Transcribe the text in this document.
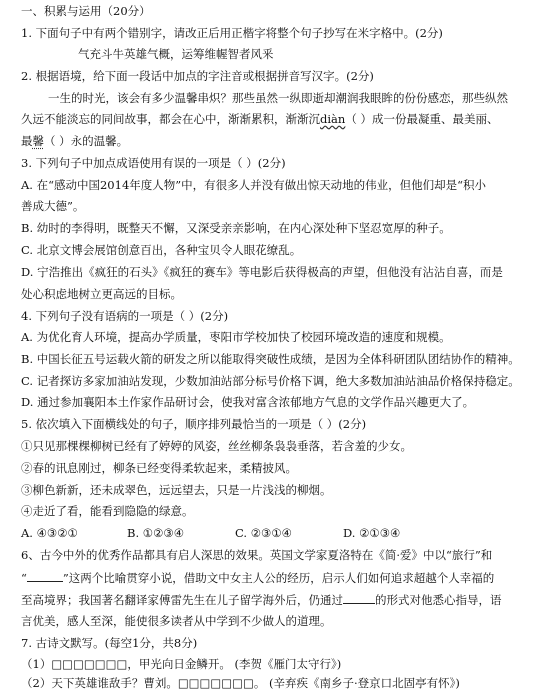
一、积累与运用（20分）
1. 下面句子中有两个错别字，请改正后用正楷字将整个句子抄写在米字格中。(2分)
气充斗牛英雄气概，运筹维幄智者风釆
2. 根据语境，给下面一段话中加点的字注音或根据拼音写汉字。(2分)
一生的时光，该会有多少温馨串炽？那些虽然一纵即逝却潮润我眼眸的份份感恋，那些纵然
久远不能淡忘的同间故事，都会在心中，渐渐累积，渐渐沉diàn（ ）成一份最凝重、最美丽、
最馨（ ）永的温馨。
3. 下列句子中加点成语使用有误的一项是（ ）(2分)
A. 在“感动中国2014年度人物”中，有很多人并没有做出惊天动地的伟业，但他们却是“积小
善成大德”。
B. 幼时的李得明，既整天不懈，又深受亲亲影响，在内心深处种下坚忍宽厚的种子。
C. 北京文博会展馆创意百出，各种宝贝令人眼花缭乱。
D. 宁浩推出《疯狂的石头》《疯狂的赛车》等电影后获得极高的声望，但他没有沾沾自喜，而是
处心积虑地树立更高远的目标。
4. 下列句子没有语病的一项是（ ）(2分)
A. 为优化育人环境，提高办学质量，枣阳市学校加快了校园环境改造的速度和规模。
B. 中国长征五号运载火箭的研发之所以能取得突破性成绩，是因为全体科研团队团结协作的精神。
C. 记者探访多家加油站发现，少数加油站部分标号价格下调，绝大多数加油站油品价格保持稳定。
D. 通过参加襄阳本土作家作品研讨会，使我对富含浓郁地方气息的文学作品兴趣更大了。
5. 依次填入下面横线处的句子，顺序排列最恰当的一项是（ ）(2分)
①只见那棵棵柳树已经有了婷婷的风姿，丝丝柳条袅袅垂落，若含羞的少女。
②春的讯息刚过，柳条已经变得柔软起来，柔精披风。
③柳色新新，还未成翠色，远远望去，只是一片浅浅的柳烟。
④走近了看，能看到隐隐的绿意。
A. ④③②①	B. ①②③④	C. ②③①④	D. ②①③④
6、古今中外的优秀作品都具有启人深思的效果。英国文学家夏洛特在《简·爱》中以“旅行”和
“	”这两个比喻贯穿小说，借助文中女主人公的经历，启示人们如何追求超越个人幸福的
至高境界；我国著名翻译家傅雷先生在儿子留学海外后，仍通过	的形式对他悉心指导，语
言优美，感人至深，能使很多读者从中学到不少做人的道理。
7. 古诗文默写。(每空1分，共8分)
（1）□□□□□□□，甲光向日金鳞开。 (李贺《雁门太守行》)
（2）天下英雄谁敌手？曹刘。□□□□□□□。 (辛弃疾《南乡子·登京口北固亭有怀》)
